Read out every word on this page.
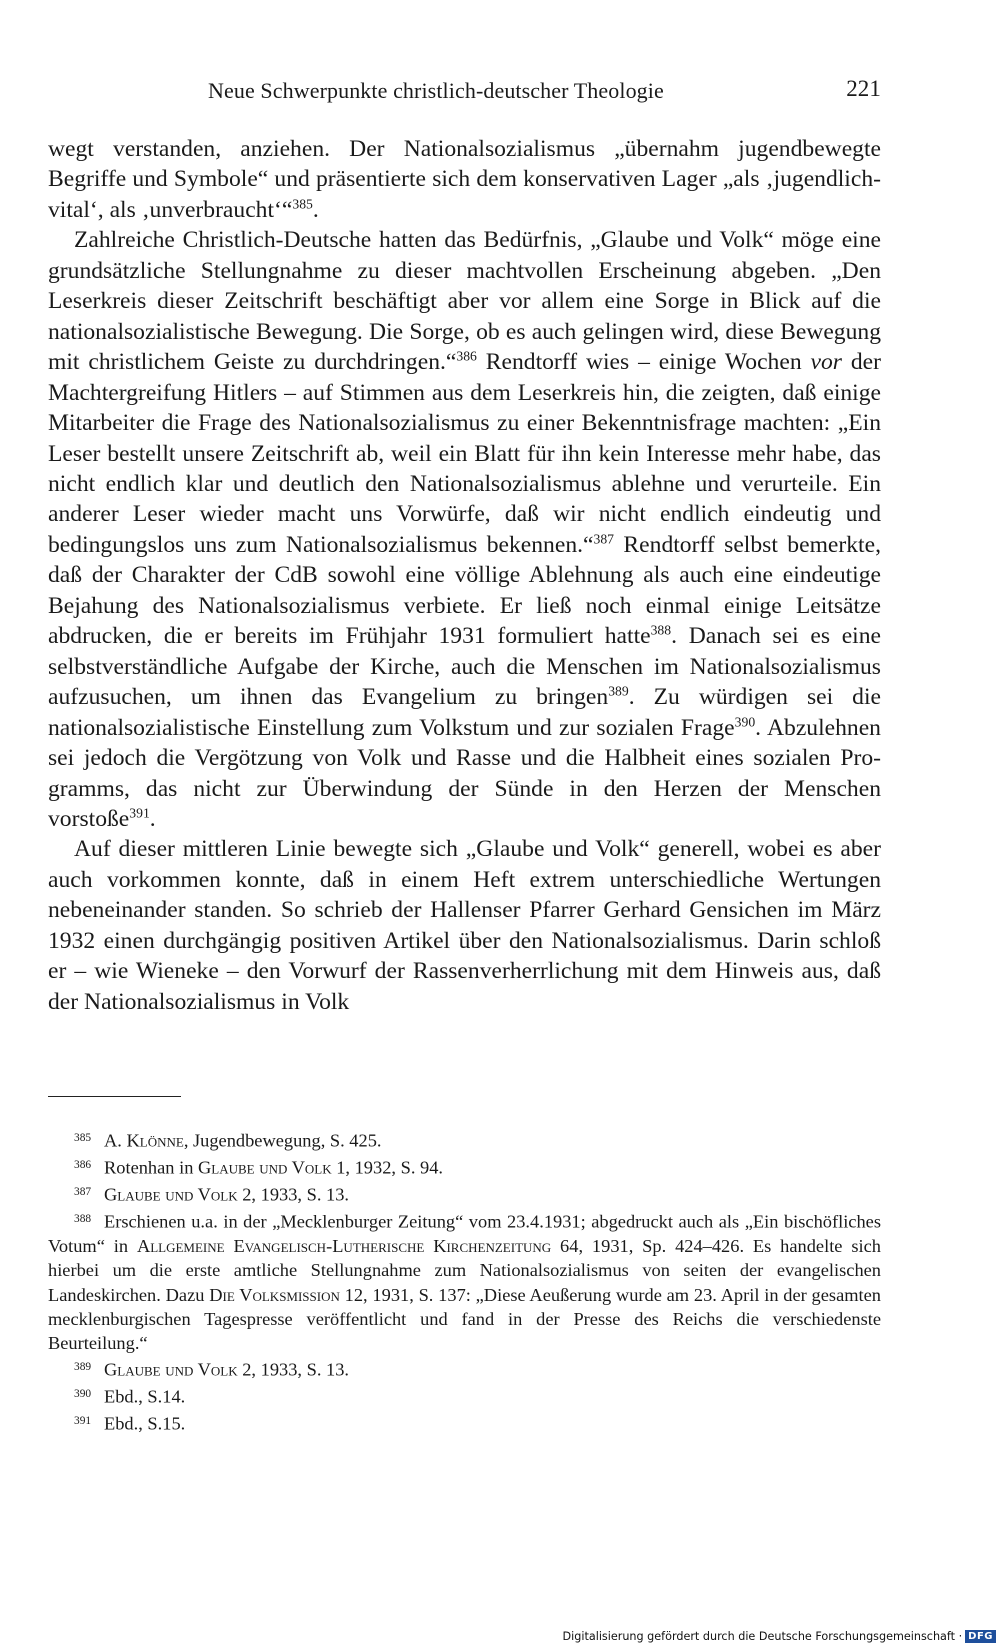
Neue Schwerpunkte christlich-deutscher Theologie	221

wegt verstanden, anziehen. Der Nationalsozialismus „übernahm jugendbewegte Begriffe und Symbole“ und präsentierte sich dem konservativen Lager „als ‚jugendlich-vital‘, als ‚unverbraucht‘“$^{385}$.

Zahlreiche Christlich-Deutsche hatten das Bedürfnis, „Glaube und Volk“ möge eine grundsätzliche Stellungnahme zu dieser machtvollen Erscheinung abgeben. „Den Leserkreis dieser Zeitschrift beschäftigt aber vor allem eine Sorge in Blick auf die nationalsozialistische Bewegung. Die Sorge, ob es auch gelingen wird, diese Bewegung mit christlichem Geiste zu durchdringen.“$^{386}$ Rendtorff wies – einige Wochen vor der Machtergreifung Hitlers – auf Stimmen aus dem Leserkreis hin, die zeigten, daß einige Mitarbeiter die Frage des Nationalsozialismus zu einer Bekenntnisfrage machten: „Ein Leser bestellt unsere Zeitschrift ab, weil ein Blatt für ihn kein Interesse mehr habe, das nicht endlich klar und deutlich den Nationalsozialismus ablehne und verurteile. Ein anderer Leser wieder macht uns Vorwürfe, daß wir nicht endlich eindeutig und bedingungslos uns zum Nationalsozialismus bekennen.“$^{387}$ Rendtorff selbst bemerkte, daß der Charakter der CdB sowohl eine völlige Ablehnung als auch eine eindeutige Bejahung des Nationalsozialismus verbiete. Er ließ noch einmal einige Leitsätze abdrucken, die er bereits im Frühjahr 1931 formuliert hatte$^{388}$. Danach sei es eine selbstverständliche Aufgabe der Kirche, auch die Menschen im Nationalsozialismus aufzusuchen, um ihnen das Evangelium zu bringen$^{389}$. Zu würdigen sei die nationalsozialistische Einstellung zum Volkstum und zur sozialen Frage$^{390}$. Abzulehnen sei jedoch die Vergötzung von Volk und Rasse und die Halbheit eines sozialen Programms, das nicht zur Überwindung der Sünde in den Herzen der Menschen vorstoße$^{391}$.

Auf dieser mittleren Linie bewegte sich „Glaube und Volk“ generell, wobei es aber auch vorkommen konnte, daß in einem Heft extrem unterschiedliche Wertungen nebeneinander standen. So schrieb der Hallenser Pfarrer Gerhard Gensichen im März 1932 einen durchgängig positiven Artikel über den Nationalsozialismus. Darin schloß er – wie Wieneke – den Vorwurf der Rassenverherrlichung mit dem Hinweis aus, daß der Nationalsozialismus in Volk

385 A. Klönne, Jugendbewegung, S. 425.

386 Rotenhan in Glaube und Volk 1, 1932, S. 94.

387 Glaube und Volk 2, 1933, S. 13.

388 Erschienen u.a. in der „Mecklenburger Zeitung“ vom 23.4.1931; abgedruckt auch als „Ein bischöfliches Votum“ in Allgemeine Evangelisch-Lutherische Kirchenzeitung 64, 1931, Sp. 424–426. Es handelte sich hierbei um die erste amtliche Stellungnahme zum Nationalsozialismus von seiten der evangelischen Landeskirchen. Dazu Die Volksmission 12, 1931, S. 137: „Diese Aeußerung wurde am 23. April in der gesamten mecklenburgischen Tagespresse veröffentlicht und fand in der Presse des Reichs die verschiedenste Beurteilung.“

389 Glaube und Volk 2, 1933, S. 13.

390 Ebd., S.14.

391 Ebd., S.15.

Digitalisierung gefördert durch die Deutsche Forschungsgemeinschaft · DFG
